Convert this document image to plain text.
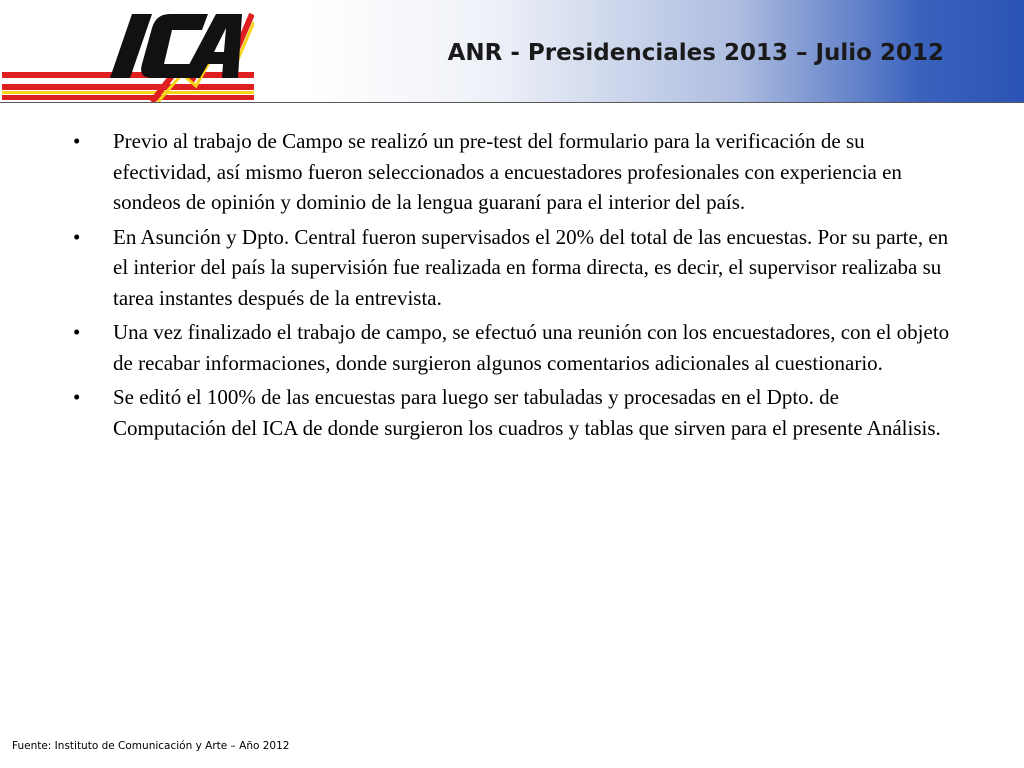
ANR - Presidenciales 2013 – Julio 2012
• Previo al trabajo de Campo se realizó un pre-test del formulario para la verificación de su efectividad, así mismo fueron seleccionados a encuestadores profesionales con experiencia en sondeos de opinión y dominio de la lengua guaraní para el interior del país.
• En Asunción y Dpto. Central fueron supervisados el 20% del total de las encuestas. Por su parte, en el interior del país la supervisión fue realizada en forma directa, es decir, el supervisor realizaba su tarea instantes después de la entrevista.
• Una vez finalizado el trabajo de campo, se efectuó una reunión con los encuestadores, con el objeto de recabar informaciones, donde surgieron algunos comentarios adicionales al cuestionario.
• Se editó el 100% de las encuestas para luego ser tabuladas y procesadas en el Dpto. de Computación del ICA de donde surgieron los cuadros y tablas que sirven para el presente Análisis.
Fuente: Instituto de Comunicación y Arte – Año 2012
